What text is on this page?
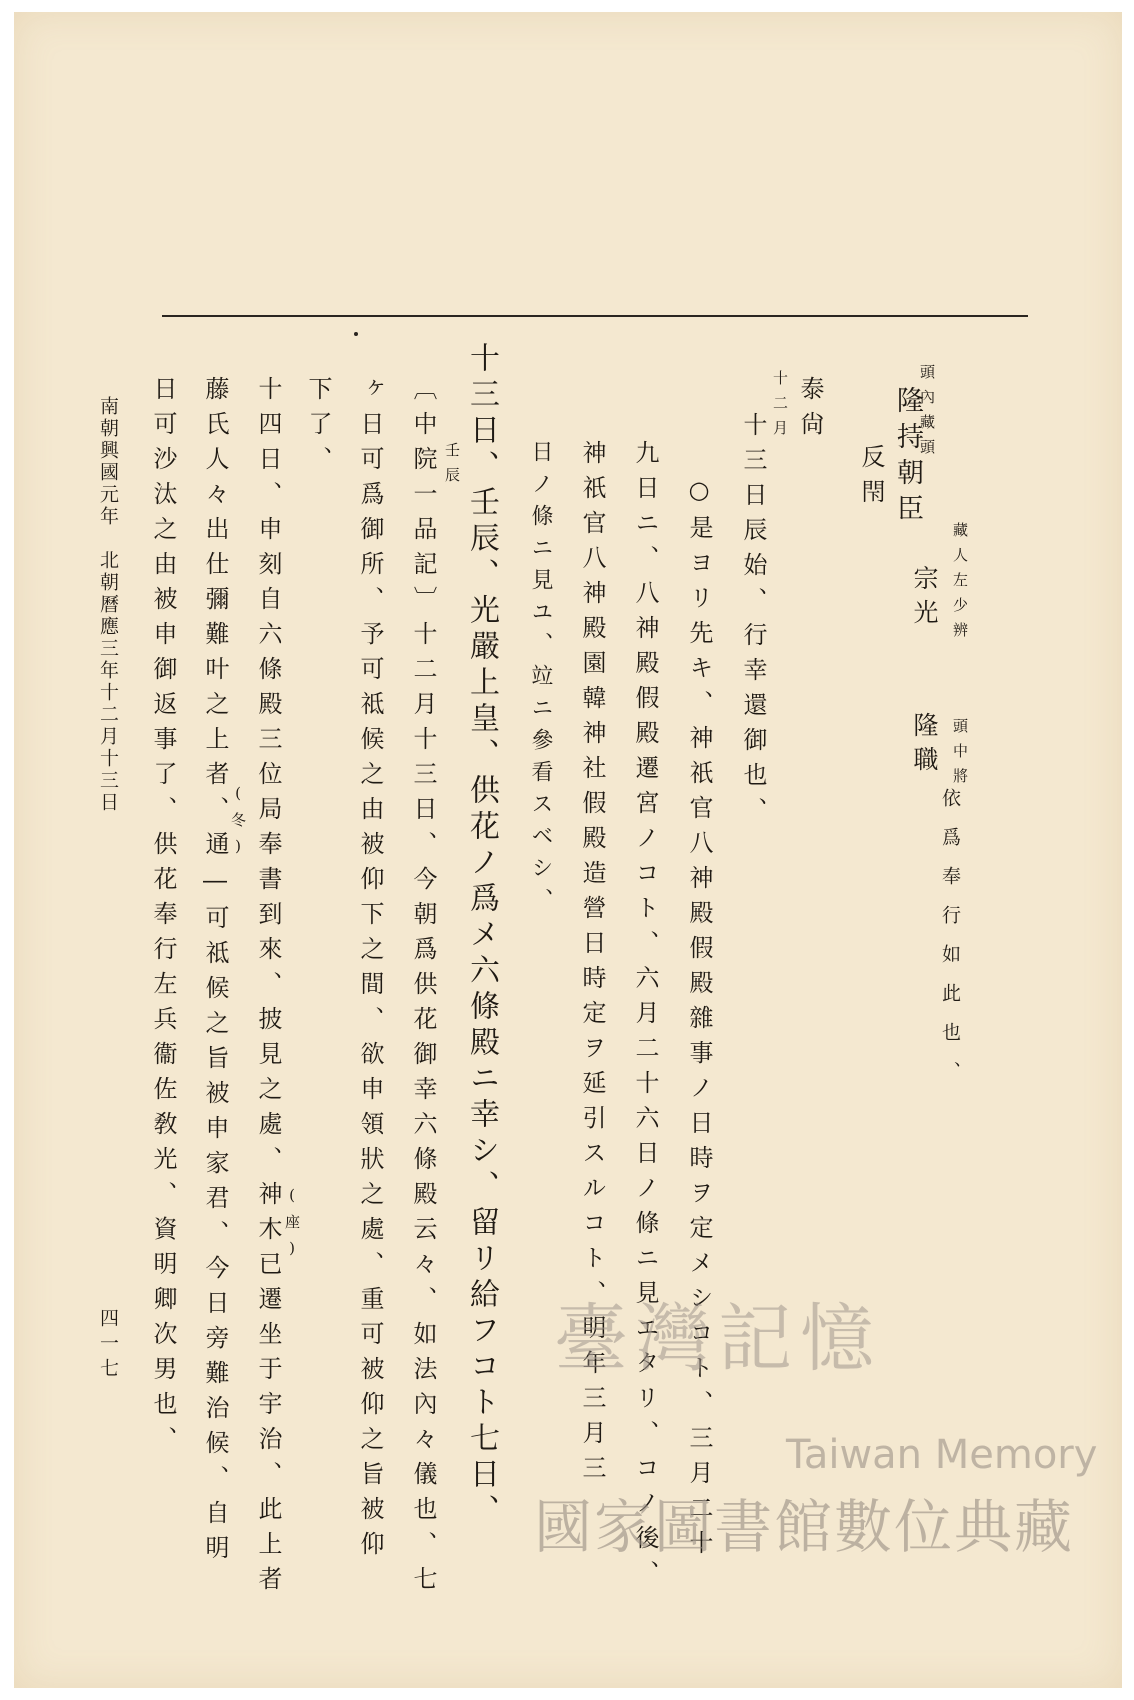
頭內藏頭
隆持朝臣
反閇
藏人左少辨
宗光
頭中將
隆職
依爲奉行如此也、
泰尙
十二月
十三日辰始、行幸還御也、
○是ヨリ先キ、神祇官八神殿假殿雜事ノ日時ヲ定メシコト、三月二十
九日ニ、八神殿假殿遷宮ノコト、六月二十六日ノ條ニ見エタリ、コノ後、
神祇官八神殿園韓神社假殿造營日時定ヲ延引スルコト、明年三月三
日ノ條ニ見ユ、竝ニ參看スベシ、
十三日、壬辰、光嚴上皇、供花ノ爲メ六條殿ニ幸シ、留リ給フコト七日、
壬辰
〔中院一品記〕十二月十三日、今朝爲供花御幸六條殿云々、如法內々儀也、七
ヶ日可爲御所、予可祗候之由被仰下之間、欲申領狀之處、重可被仰之旨被仰
下了、
十四日、申刻自六條殿三位局奉書到來、披見之處、神木已遷坐于宇治、此上者 (座)
藤氏人々出仕彌難叶之上者、通―可祗候之旨被申家君、今日旁難治候、自明 (冬)
日可沙汰之由被申御返事了、供花奉行左兵衞佐敎光、資明卿次男也、
南朝興國元年　北朝曆應三年十二月十三日
四一七	臺灣記憶
Taiwan Memory
國家圖書館數位典藏
